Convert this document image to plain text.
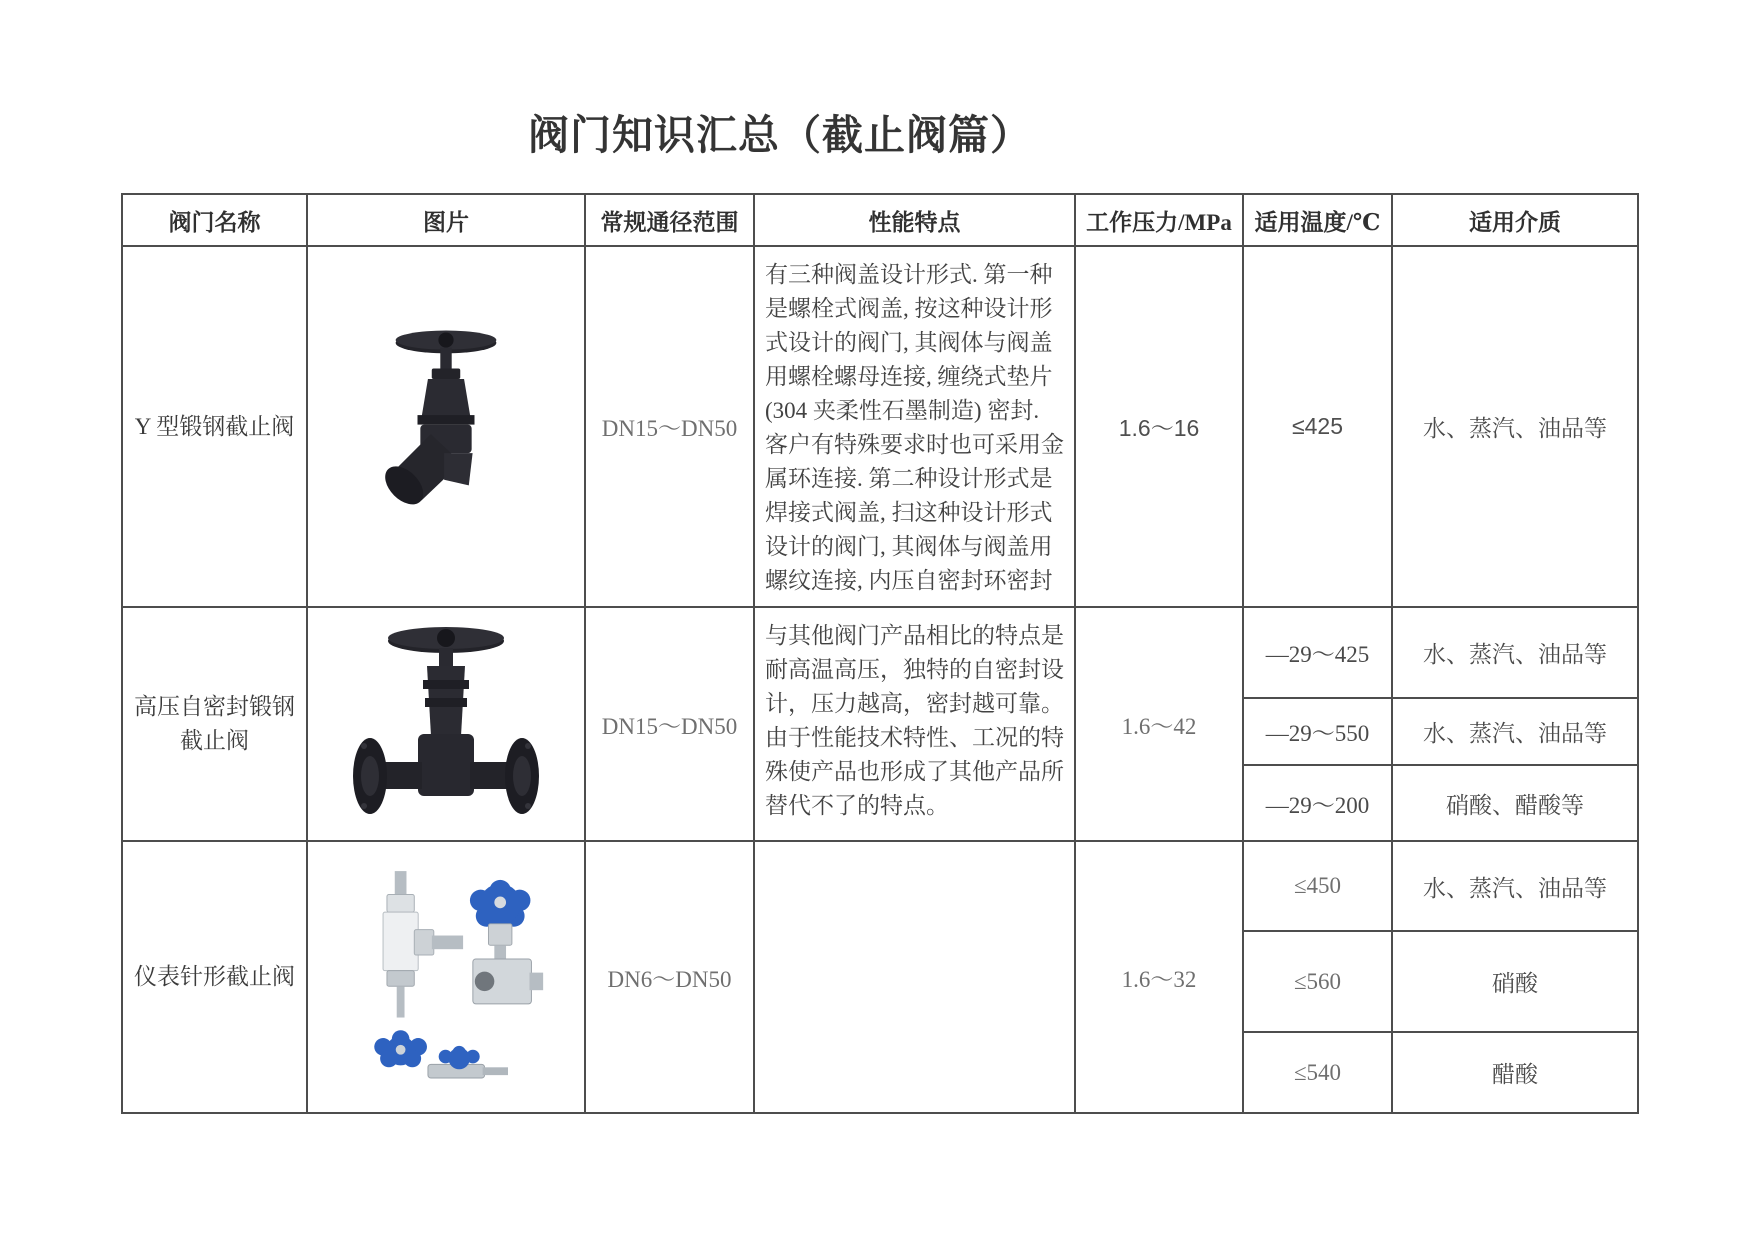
阀门知识汇总（截止阀篇）
阀门名称	图片	常规通径范围	性能特点	工作压力/MPa	适用温度/℃	适用介质
Y 型锻钢截止阀		DN15～DN50	有三种阀盖设计形式. 第一种是螺栓式阀盖, 按这种设计形式设计的阀门, 其阀体与阀盖用螺栓螺母连接, 缠绕式垫片(304 夹柔性石墨制造) 密封. 客户有特殊要求时也可采用金属环连接. 第二种设计形式是焊接式阀盖, 扫这种设计形式设计的阀门, 其阀体与阀盖用螺纹连接, 内压自密封环密封	1.6～16	≤425	水、蒸汽、油品等
高压自密封锻钢截止阀		DN15～DN50	与其他阀门产品相比的特点是耐高温高压，独特的自密封设计，压力越高，密封越可靠。由于性能技术特性、工况的特殊使产品也形成了其他产品所替代不了的特点。	1.6～42	—29～425	水、蒸汽、油品等
					—29～550	水、蒸汽、油品等
					—29～200	硝酸、醋酸等
仪表针形截止阀		DN6～DN50		1.6～32	≤450	水、蒸汽、油品等
					≤560	硝酸
					≤540	醋酸
